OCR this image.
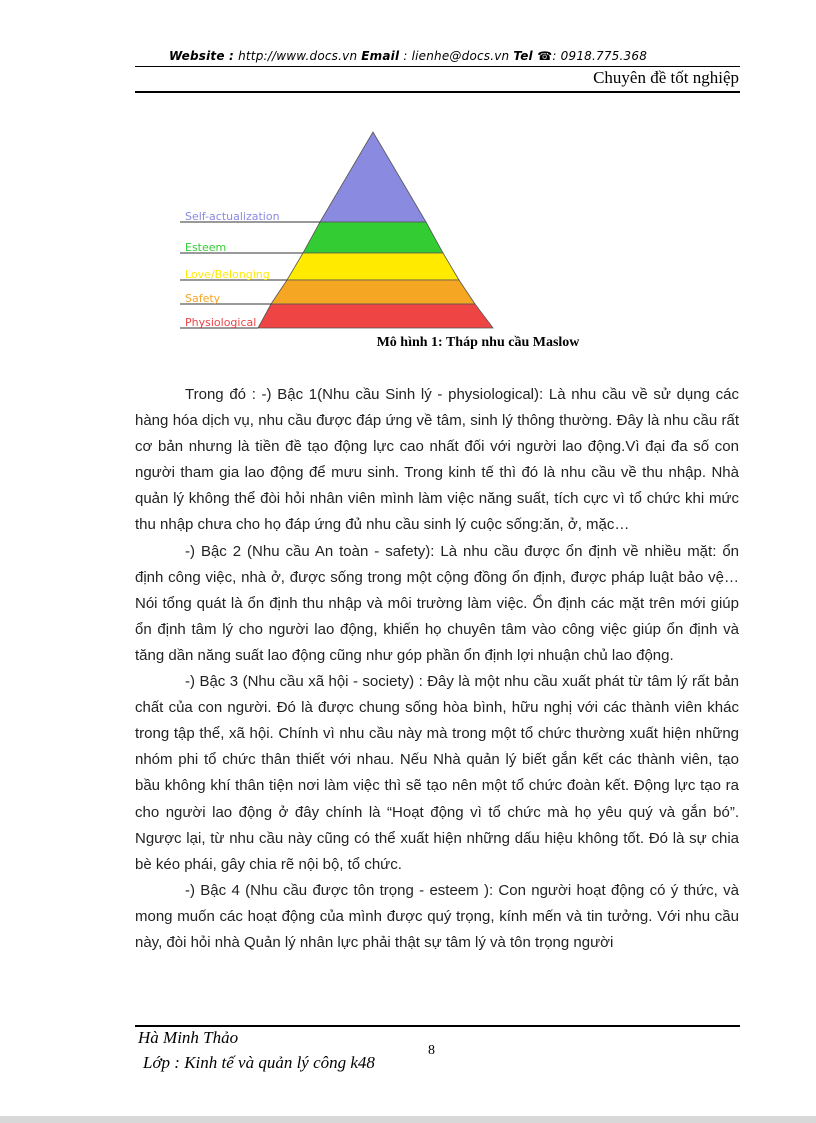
Website : http://www.docs.vn Email : lienhe@docs.vn Tel ☎: 0918.775.368
Chuyên đề tốt nghiệp
Self-actualization
Esteem
Love/Belonging
Safety
Physiological
Mô hình 1: Tháp nhu cầu Maslow

Trong đó : -) Bậc 1(Nhu cầu Sinh lý - physiological): Là nhu cầu về sử dụng các hàng hóa dịch vụ, nhu cầu được đáp ứng về tâm, sinh lý thông thường. Đây là nhu cầu rất cơ bản nhưng là tiền đề tạo động lực cao nhất đối với người lao động.Vì đại đa số con người tham gia lao động để mưu sinh. Trong kinh tế thì đó là nhu cầu về thu nhập. Nhà quản lý không thể đòi hỏi nhân viên mình làm việc năng suất, tích cực vì tổ chức khi mức thu nhập chưa cho họ đáp ứng đủ nhu cầu sinh lý cuộc sống:ăn, ở, mặc…

-) Bậc 2 (Nhu cầu An toàn - safety): Là nhu cầu được ổn định về nhiều mặt: ổn định công việc, nhà ở, được sống trong một cộng đồng ổn định, được pháp luật bảo vệ…Nói tổng quát là ổn định thu nhập và môi trường làm việc. Ổn định các mặt trên mới giúp ổn định tâm lý cho người lao động, khiến họ chuyên tâm vào công việc giúp ổn định và tăng dần năng suất lao động cũng như góp phần ổn định lợi nhuận chủ lao động.

-) Bậc 3 (Nhu cầu xã hội - society) : Đây là một nhu cầu xuất phát từ tâm lý rất bản chất của con người. Đó là được chung sống hòa bình, hữu nghị với các thành viên khác trong tập thể, xã hội. Chính vì nhu cầu này mà trong một tổ chức thường xuất hiện những nhóm phi tổ chức thân thiết với nhau. Nếu Nhà quản lý biết gắn kết các thành viên, tạo bầu không khí thân tiện nơi làm việc thì sẽ tạo nên một tổ chức đoàn kết. Động lực tạo ra cho người lao động ở đây chính là “Hoạt động vì tổ chức mà họ yêu quý và gắn bó”. Ngược lại, từ nhu cầu này cũng có thể xuất hiện những dấu hiệu không tốt. Đó là sự chia bè kéo phái, gây chia rẽ nội bộ, tổ chức.

-) Bậc 4 (Nhu cầu được tôn trọng - esteem ): Con người hoạt động có ý thức, và mong muốn các hoạt động của mình được quý trọng, kính mến và tin tưởng. Với nhu cầu này, đòi hỏi nhà Quản lý nhân lực phải thật sự tâm lý và tôn trọng người

Hà Minh Thảo
Lớp : Kinh tế và quản lý công k48
8
